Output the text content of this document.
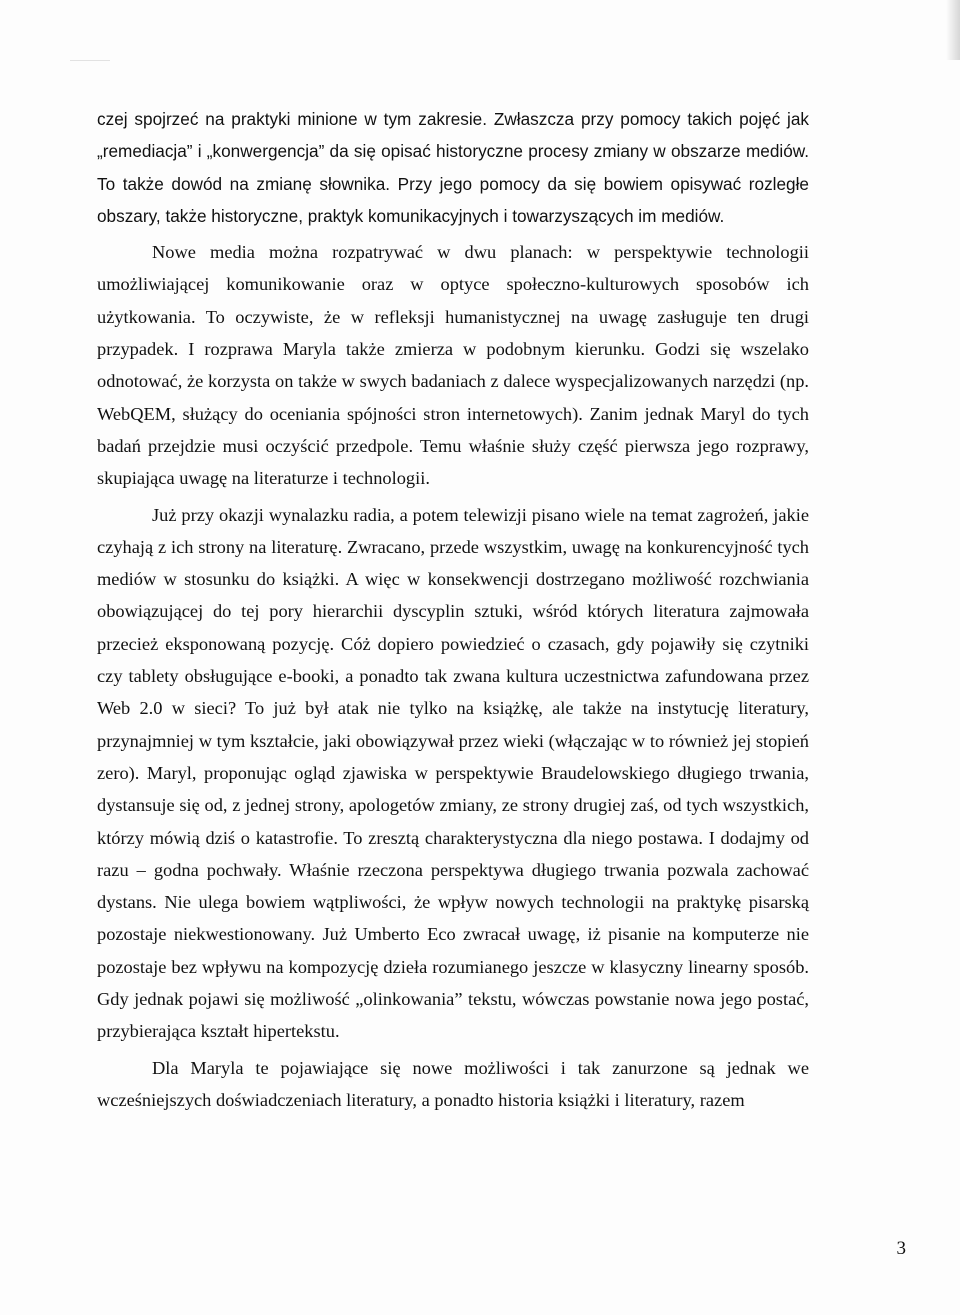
czej spojrzeć na praktyki minione w tym zakresie. Zwłaszcza przy pomocy takich pojęć jak „remediacja” i „konwergencja” da się opisać historyczne procesy zmiany w obszarze mediów. To także dowód na zmianę słownika. Przy jego pomocy da się bowiem opisywać rozległe obszary, także historyczne, praktyk komunikacyjnych i towarzyszących im mediów.

Nowe media można rozpatrywać w dwu planach: w perspektywie technologii umożliwiającej komunikowanie oraz w optyce społeczno-kulturowych sposobów ich użytkowania. To oczywiste, że w refleksji humanistycznej na uwagę zasługuje ten drugi przypadek. I rozprawa Maryla także zmierza w podobnym kierunku. Godzi się wszelako odnotować, że korzysta on także w swych badaniach z dalece wyspecjalizowanych narzędzi (np. WebQEM, służący do oceniania spójności stron internetowych). Zanim jednak Maryl do tych badań przejdzie musi oczyścić przedpole. Temu właśnie służy część pierwsza jego rozprawy, skupiająca uwagę na literaturze i technologii.

Już przy okazji wynalazku radia, a potem telewizji pisano wiele na temat zagrożeń, jakie czyhają z ich strony na literaturę. Zwracano, przede wszystkim, uwagę na konkurencyjność tych mediów w stosunku do książki. A więc w konsekwencji dostrzegano możliwość rozchwiania obowiązującej do tej pory hierarchii dyscyplin sztuki, wśród których literatura zajmowała przecież eksponowaną pozycję. Cóż dopiero powiedzieć o czasach, gdy pojawiły się czytniki czy tablety obsługujące e-booki, a ponadto tak zwana kultura uczestnictwa zafundowana przez Web 2.0 w sieci? To już był atak nie tylko na książkę, ale także na instytucję literatury, przynajmniej w tym kształcie, jaki obowiązywał przez wieki (włączając w to również jej stopień zero). Maryl, proponując ogląd zjawiska w perspektywie Braudelowskiego długiego trwania, dystansuje się od, z jednej strony, apologetów zmiany, ze strony drugiej zaś, od tych wszystkich, którzy mówią dziś o katastrofie. To zresztą charakterystyczna dla niego postawa. I dodajmy od razu – godna pochwały. Właśnie rzeczona perspektywa długiego trwania pozwala zachować dystans. Nie ulega bowiem wątpliwości, że wpływ nowych technologii na praktykę pisarską pozostaje niekwestionowany. Już Umberto Eco zwracał uwagę, iż pisanie na komputerze nie pozostaje bez wpływu na kompozycję dzieła rozumianego jeszcze w klasyczny linearny sposób. Gdy jednak pojawi się możliwość „olinkowania” tekstu, wówczas powstanie nowa jego postać, przybierająca kształt hipertekstu.

Dla Maryla te pojawiające się nowe możliwości i tak zanurzone są jednak we wcześniejszych doświadczeniach literatury, a ponadto historia książki i literatury, razem

3
